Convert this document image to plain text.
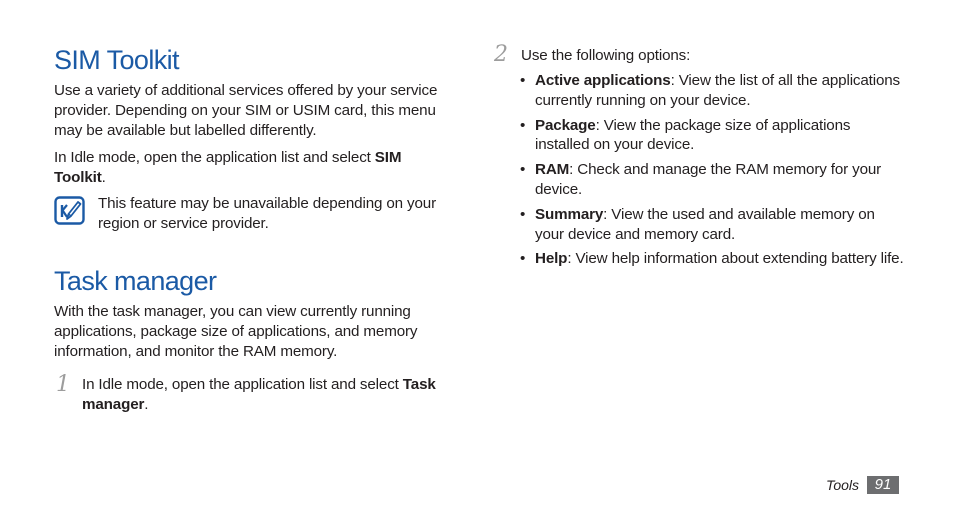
SIM Toolkit

Use a variety of additional services offered by your service provider. Depending on your SIM or USIM card, this menu may be available but labelled differently.

In Idle mode, open the application list and select SIM Toolkit.

This feature may be unavailable depending on your region or service provider.

Task manager

With the task manager, you can view currently running applications, package size of applications, and memory information, and monitor the RAM memory.

1 In Idle mode, open the application list and select Task manager.

2 Use the following options:

• Active applications: View the list of all the applications currently running on your device.
• Package: View the package size of applications installed on your device.
• RAM: Check and manage the RAM memory for your device.
• Summary: View the used and available memory on your device and memory card.
• Help: View help information about extending battery life.
Tools	91
